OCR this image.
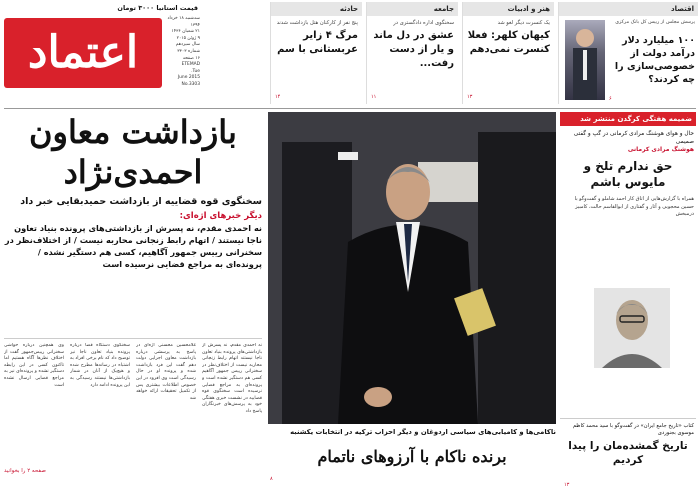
قیمت استانبا ۳۰۰۰ تومان
اعتماد
سه‌شنبه ۱۸ خرداد ۱۳۹۴
۲۱ شعبان ۱۴۳۶
۹ ژوئن ۲۰۱۵
سال سیزدهم
شماره ۳۳۰۳
۱۶ صفحه
ETEMAD
Tue.
June 2015
No.3303
حادثه
پنج نفر از کارکنان هتل بازداشت شدند
مرگ ۴ زایر عربستانی با سم
۱۴
جامعه
سخنگوی اداره دادگستری در
عشق در دل ماند و یار از دست رفت...
۱۱
هنر و ادبیات
یک کنسرت دیگر لغو شد
کیهان کلهر: فعلا کنسرت نمی‌دهم
۱۳
اقتصاد
پرسش مجلس از رییس کل بانک مرکزی
۱۰۰ میلیارد دلار درآمد دولت از خصوصی‌سازی را چه کردند؟
۶
بازداشت معاون احمدی‌نژاد
سخنگوی قوه قضاییه از بازداشت حمیدبقایی خبر داد
دیگر خبرهای اژه‌ای:
نه احمدی مقدم، نه پسرش از بازداشتی‌های پرونده بنیاد تعاون ناجا نیستند / اتهام رابط زنجانی محاربه نیست / از اختلاف‌نظر در سخنرانی رییس جمهور آگاهیم، کسی هم دستگیر نشده / پرونده‌ای به مراجع قضایی نرسیده است
نه احمدی مقدم، نه پسرش از بازداشتی‌های پرونده بنیاد تعاون ناجا نیستند اتهام رابط زنجانی محاربه نیست از اختلاف‌نظر در سخنرانی رییس جمهور آگاهیم کسی هم دستگیر نشده است و پرونده‌ای به مراجع قضایی نرسیده است سخنگوی قوه قضاییه در نشست خبری هفتگی خود به پرسش‌های خبرنگاران پاسخ داد
غلامحسین محسنی اژه‌ای در پاسخ به پرسشی درباره بازداشت معاون اجرایی دولت دهم گفت این فرد بازداشت شده و پرونده او در حال رسیدگی است وی افزود در این خصوص اطلاعات بیشتری پس از تکمیل تحقیقات ارائه خواهد شد
سخنگوی دستگاه قضا درباره پرونده بنیاد تعاون ناجا نیز توضیح داد که نام برخی افراد به اشتباه در رسانه‌ها مطرح شده و هیچ‌یک از آنان در شمار بازداشتی‌ها نیستند رسیدگی به این پرونده ادامه دارد
وی همچنین درباره حواشی سخنرانی رییس‌جمهور گفت از اختلاف نظرها آگاه هستیم اما تاکنون کسی در این رابطه دستگیر نشده و پرونده‌ای نیز به مراجع قضایی ارسال نشده است
صفحه ۲ را بخوانید
ناکامی‌ها و کامیابی‌های سیاسی اردوغان و دیگر احزاب ترکیه در انتخابات یکشنبه
برنده ناکام با آرزوهای ناتمام
۸
ضمیمه هفتگی کرگدن منتشر شد
حال و هوای هوشنگ مرادی کرمانی در گپ و گفتی صمیمی
هوشنگ مرادی کرمانی
حق ندارم تلخ و مایوس باشم
همراه با گزارش‌هایی از اتاق کار احمد شاملو و گفت‌وگو با حسین محجوبی و آثار و گفتاری از ابوالقاسم حالت، کامبیز درمبخش
کتاب «تاریخ جامع ایران» در گفت‌وگو با سید محمد کاظم موسوی بجنوردی
تاریخ گمشده‌مان را پیدا کردیم
۱۳
